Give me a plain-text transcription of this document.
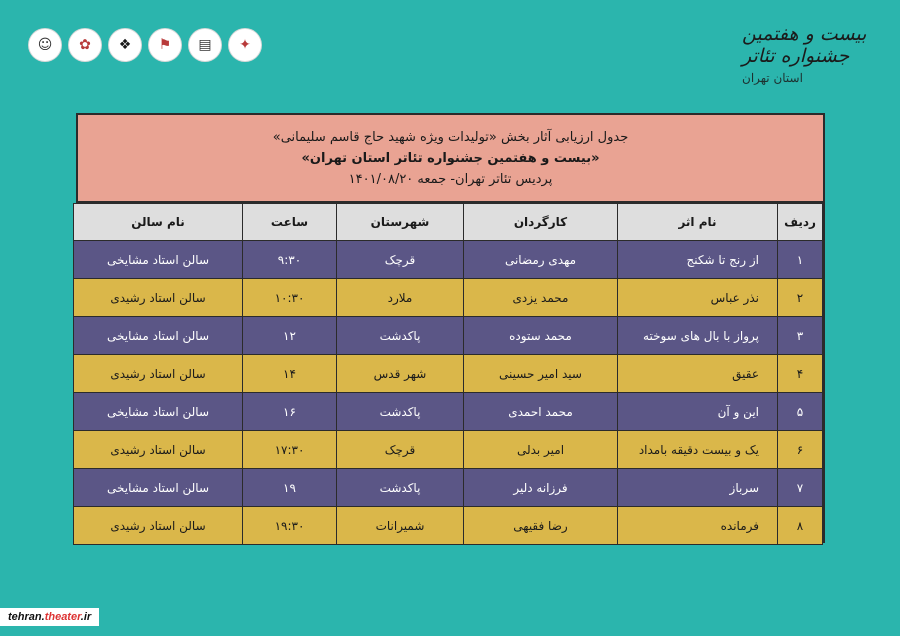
☺	✿	❖	⚑	▤	✦	بیست و هفتمین
جشنواره تئاتر
استان تهران
جدول ارزیابی آثار بخش «تولیدات ویژه شهید حاج قاسم سلیمانی»
«بیست و هفتمین جشنواره تئاتر استان تهران»
پردیس تئاتر تهران- جمعه ۱۴۰۱/۰۸/۲۰
ردیف	نام اثر	کارگردان	شهرستان	ساعت	نام سالن
۱	از رنج تا شکنج	مهدی رمضانی	قرچک	۹:۳۰	سالن استاد مشایخی
۲	نذر عباس	محمد یزدی	ملارد	۱۰:۳۰	سالن استاد رشیدی
۳	پرواز با بال های سوخته	محمد ستوده	پاکدشت	۱۲	سالن استاد مشایخی
۴	عقیق	سید امیر حسینی	شهر قدس	۱۴	سالن استاد رشیدی
۵	این و آن	محمد احمدی	پاکدشت	۱۶	سالن استاد مشایخی
۶	یک و بیست دقیقه بامداد	امیر بدلی	قرچک	۱۷:۳۰	سالن استاد رشیدی
۷	سرباز	فرزانه دلیر	پاکدشت	۱۹	سالن استاد مشایخی
۸	فرمانده	رضا فقیهی	شمیرانات	۱۹:۳۰	سالن استاد رشیدی
tehran.theater.ir
